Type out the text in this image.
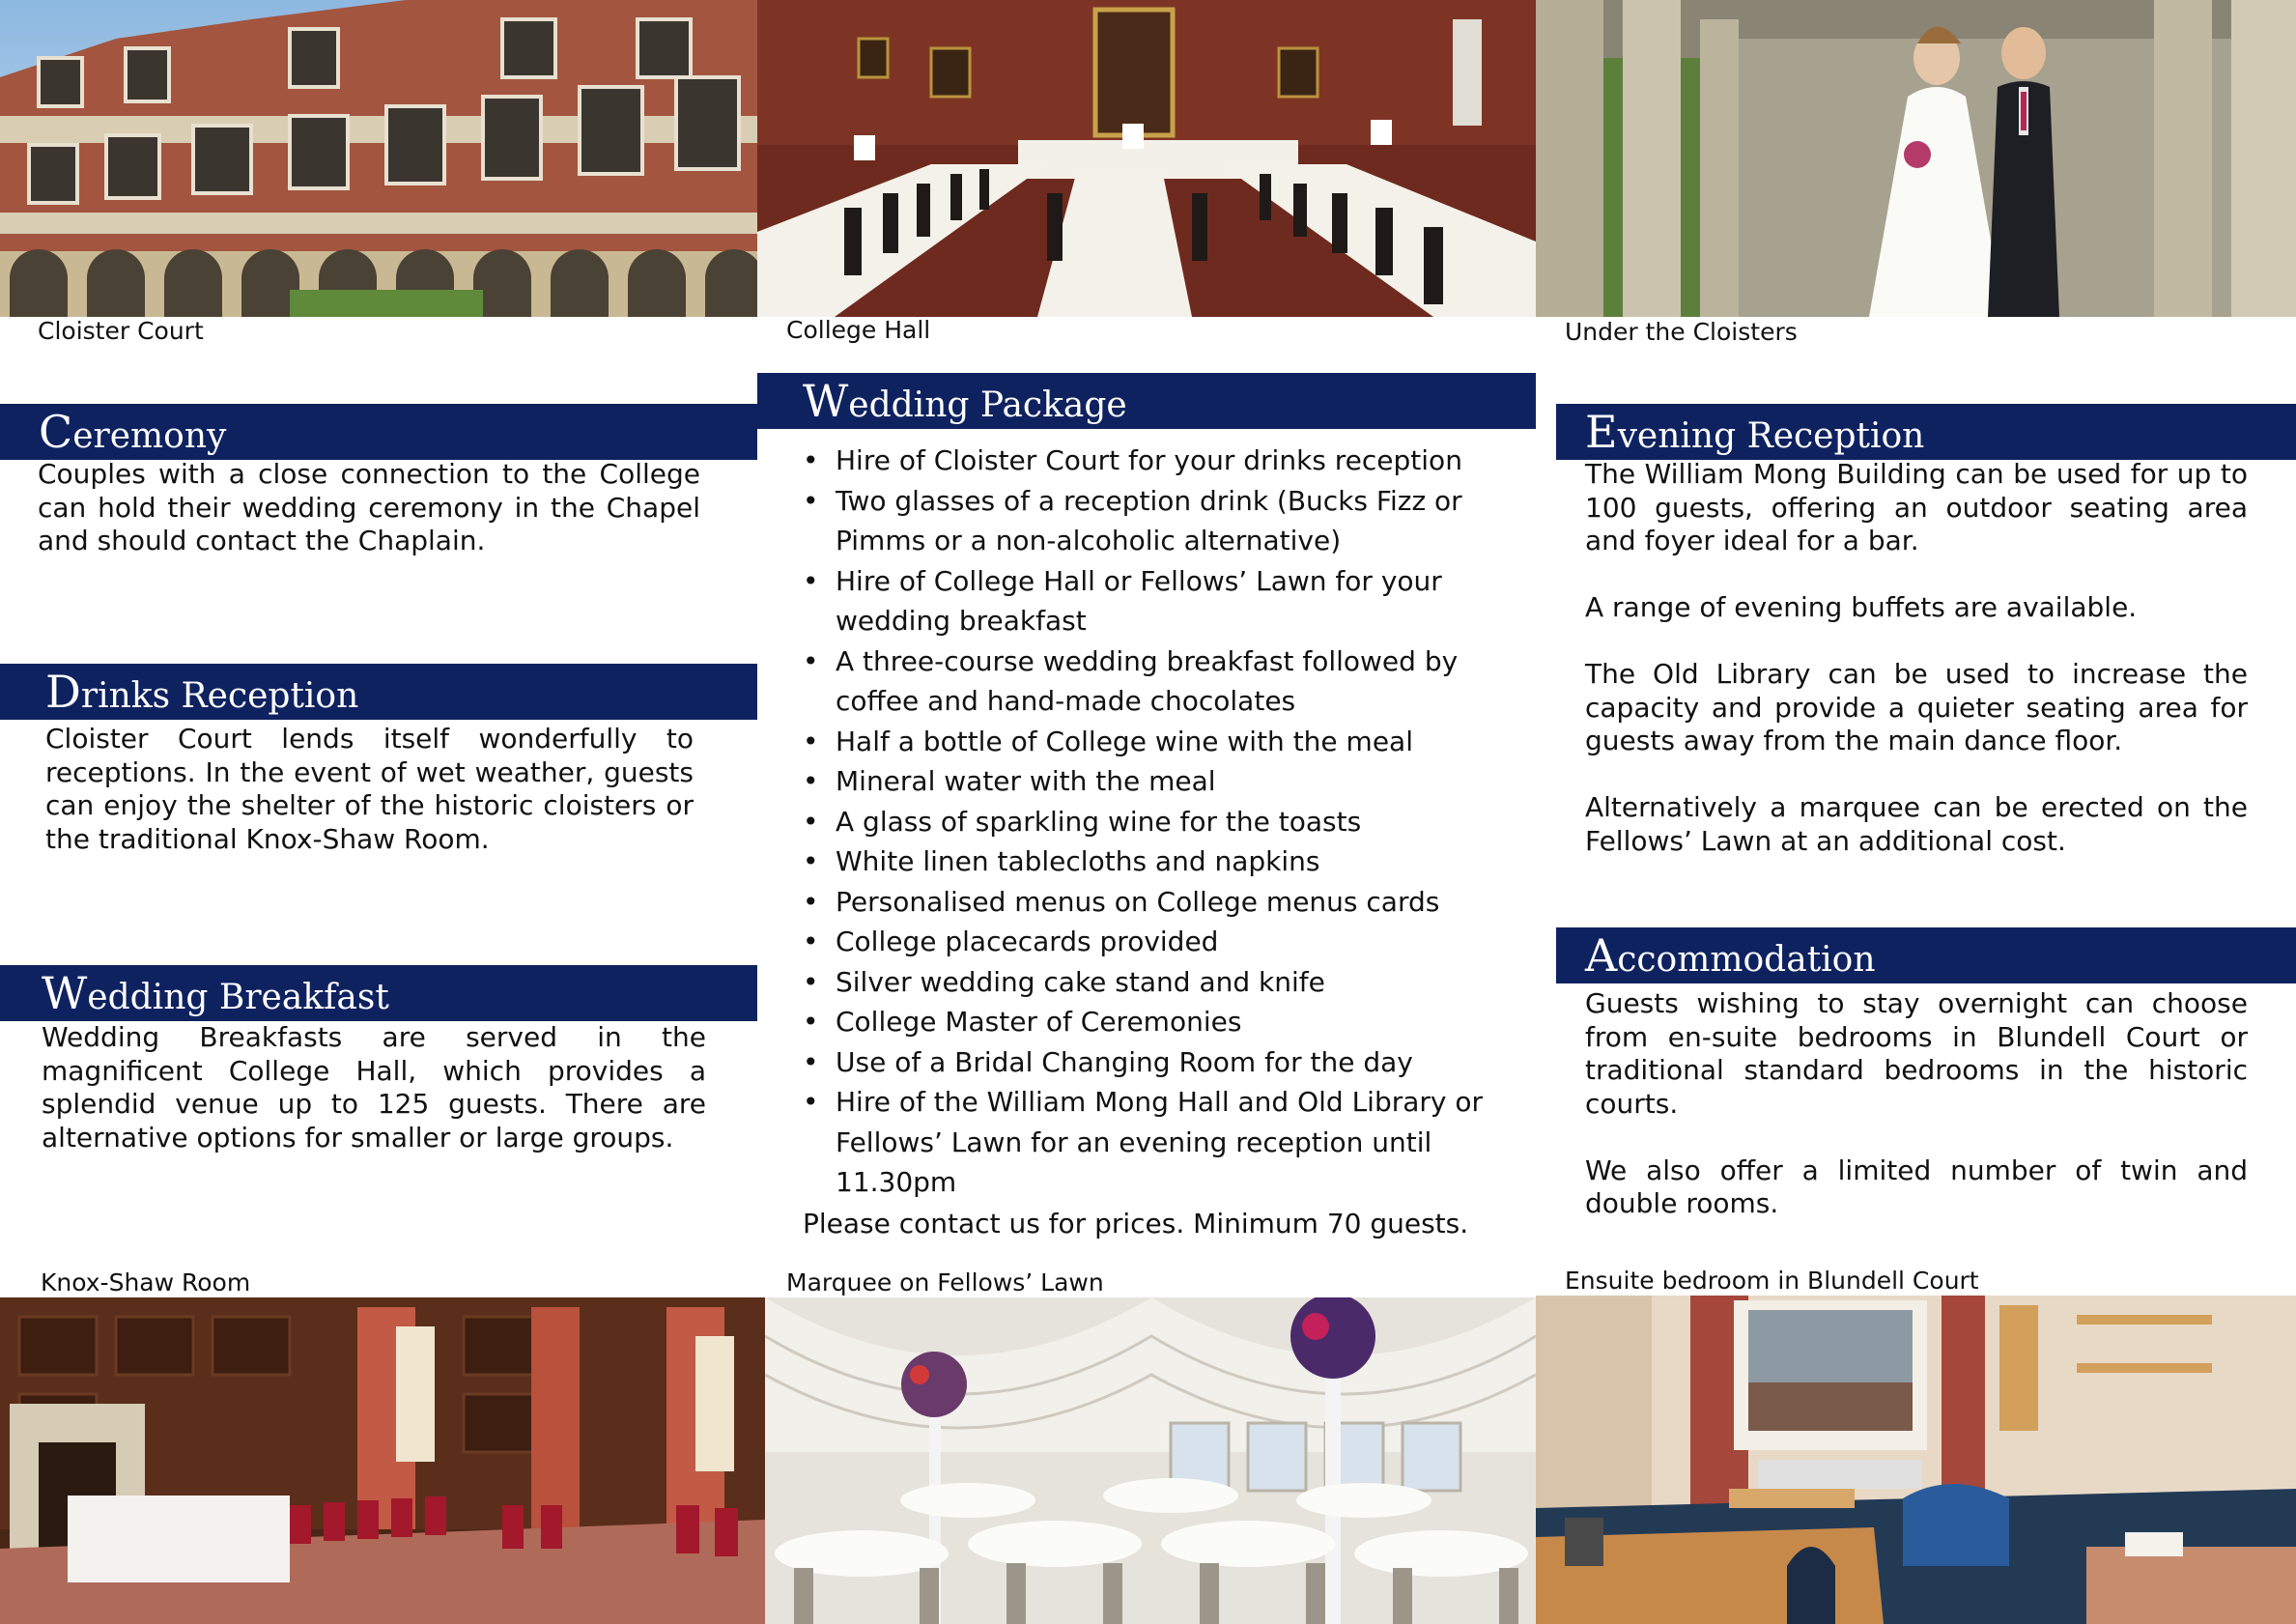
Cloister Court	College Hall	Under the Cloisters
Ceremony

Couples with a close connection to the College can hold their wedding ceremony in the Chapel and should contact the Chaplain.

Drinks Reception

Cloister Court lends itself wonderfully to receptions. In the event of wet weather, guests can enjoy the shelter of the historic cloisters or the traditional Knox-Shaw Room.

Wedding Breakfast

Wedding Breakfasts are served in the magnificent College Hall, which provides a splendid venue up to 125 guests. There are alternative options for smaller or large groups.

Wedding Package
• Hire of Cloister Court for your drinks reception
• Two glasses of a reception drink (Bucks Fizz or Pimms or a non-alcoholic alternative)
• Hire of College Hall or Fellows’ Lawn for your wedding breakfast
• A three-course wedding breakfast followed by coffee and hand-made chocolates
• Half a bottle of College wine with the meal
• Mineral water with the meal
• A glass of sparkling wine for the toasts
• White linen tablecloths and napkins
• Personalised menus on College menus cards
• College placecards provided
• Silver wedding cake stand and knife
• College Master of Ceremonies
• Use of a Bridal Changing Room for the day
• Hire of the William Mong Hall and Old Library or Fellows’ Lawn for an evening reception until 11.30pm
Please contact us for prices. Minimum 70 guests.
Evening Reception

The William Mong Building can be used for up to 100 guests, offering an outdoor seating area and foyer ideal for a bar.

A range of evening buffets are available.

The Old Library can be used to increase the capacity and provide a quieter seating area for guests away from the main dance floor.

Alternatively a marquee can be erected on the Fellows’ Lawn at an additional cost.

Accommodation

Guests wishing to stay overnight can choose from en-suite bedrooms in Blundell Court or traditional standard bedrooms in the historic courts.

We also offer a limited number of twin and double rooms.

Knox-Shaw Room	Marquee on Fellows’ Lawn	Ensuite bedroom in Blundell Court
